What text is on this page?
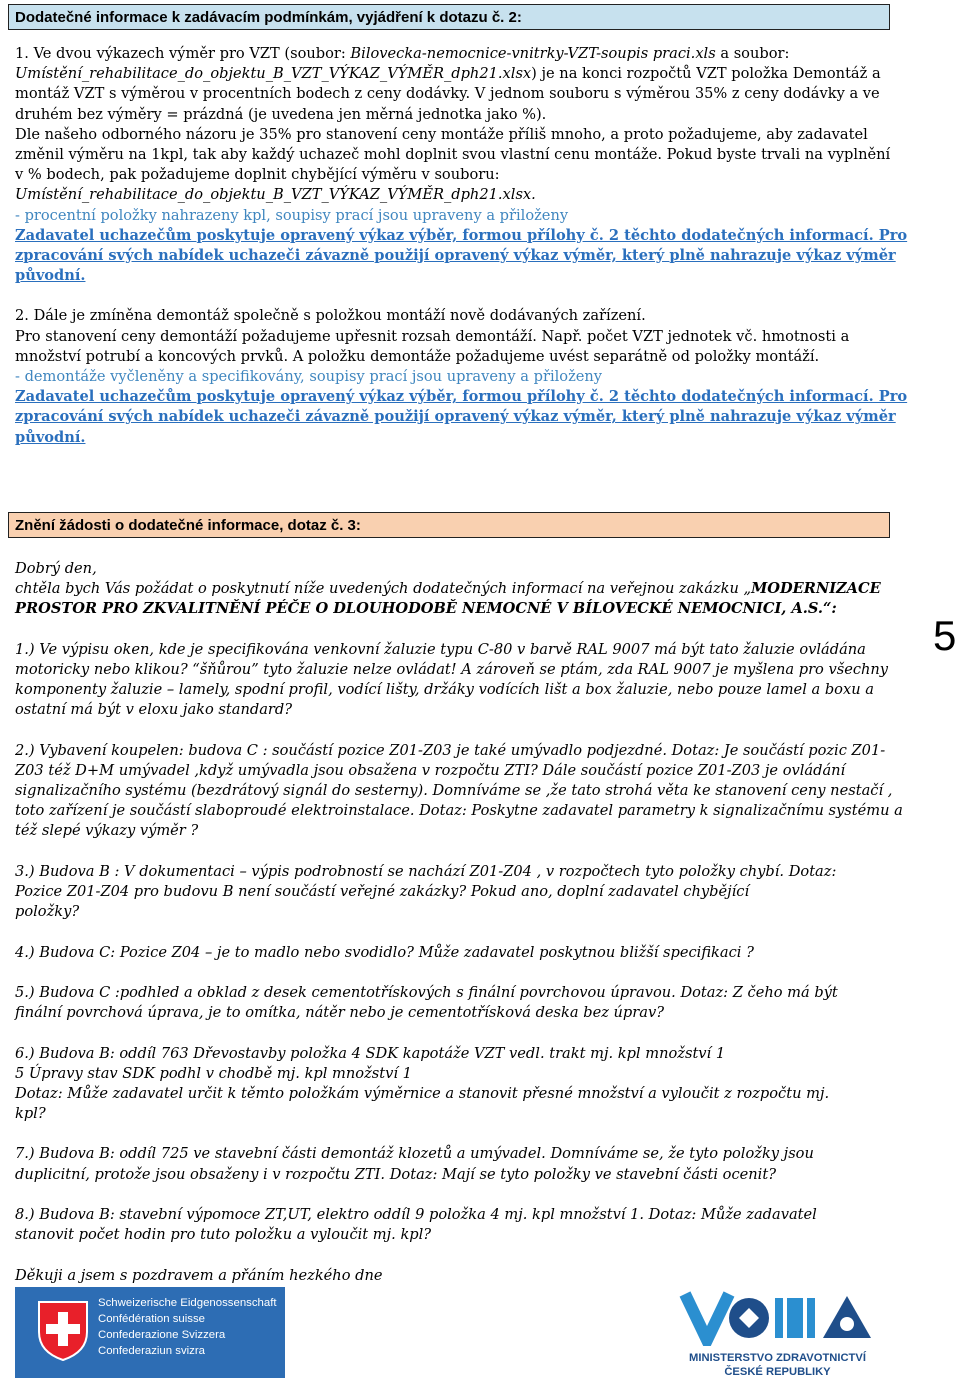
Dodatečné informace k zadávacím podmínkám, vyjádření k dotazu č. 2:
1. Ve dvou výkazech výměr pro VZT (soubor: Bilovecka-nemocnice-vnitrky-VZT-soupis praci.xls a soubor:
Umístění_rehabilitace_do_objektu_B_VZT_VÝKAZ_VÝMĚR_dph21.xlsx) je na konci rozpočtů VZT položka Demontáž a
montáž VZT s výměrou v procentních bodech z ceny dodávky. V jednom souboru s výměrou 35% z ceny dodávky a ve
druhém bez výměry = prázdná (je uvedena jen měrná jednotka jako %).
Dle našeho odborného názoru je 35% pro stanovení ceny montáže příliš mnoho, a proto požadujeme, aby zadavatel
změnil výměru na 1kpl, tak aby každý uchazeč mohl doplnit svou vlastní cenu montáže. Pokud byste trvali na vyplnění
v % bodech, pak požadujeme doplnit chybějící výměru v souboru:
Umístění_rehabilitace_do_objektu_B_VZT_VÝKAZ_VÝMĚR_dph21.xlsx.
- procentní položky nahrazeny kpl, soupisy prací jsou upraveny a přiloženy
Zadavatel uchazečům poskytuje opravený výkaz výběr, formou přílohy č. 2 těchto dodatečných informací. Pro
zpracování svých nabídek uchazeči závazně použijí opravený výkaz výměr, který plně nahrazuje výkaz výměr
původní.
2. Dále je zmíněna demontáž společně s položkou montáží nově dodávaných zařízení.
Pro stanovení ceny demontáží požadujeme upřesnit rozsah demontáží. Např. počet VZT jednotek vč. hmotnosti a
množství potrubí a koncových prvků. A položku demontáže požadujeme uvést separátně od položky montáží.
- demontáže vyčleněny a specifikovány, soupisy prací jsou upraveny a přiloženy
Zadavatel uchazečům poskytuje opravený výkaz výběr, formou přílohy č. 2 těchto dodatečných informací. Pro
zpracování svých nabídek uchazeči závazně použijí opravený výkaz výměr, který plně nahrazuje výkaz výměr
původní.
Znění žádosti o dodatečné informace, dotaz č. 3:
Dobrý den,
chtěla bych Vás požádat o poskytnutí níže uvedených dodatečných informací na veřejnou zakázku „MODERNIZACE
PROSTOR PRO ZKVALITNĚNÍ PÉČE O DLOUHODOBĚ NEMOCNÉ V BÍLOVECKÉ NEMOCNICI, A.S.“:
1.) Ve výpisu oken, kde je specifikována venkovní žaluzie typu C-80 v barvě RAL 9007 má být tato žaluzie ovládána
motoricky nebo klikou? “šňůrou” tyto žaluzie nelze ovládat! A zároveň se ptám, zda RAL 9007 je myšlena pro všechny
komponenty žaluzie – lamely, spodní profil, vodící lišty, držáky vodících lišt a box žaluzie, nebo pouze lamel a boxu a
ostatní má být v eloxu jako standard?
2.) Vybavení koupelen: budova C : součástí pozice Z01-Z03 je také umývadlo podjezdné. Dotaz: Je součástí pozic Z01-
Z03 též D+M umývadel ,když umývadla jsou obsažena v rozpočtu ZTI? Dále součástí pozice Z01-Z03 je ovládání
signalizačního systému (bezdrátový signál do sesterny). Domníváme se ,že tato strohá věta ke stanovení ceny nestačí ,
toto zařízení je součástí slaboproudé elektroinstalace. Dotaz: Poskytne zadavatel parametry k signalizačnímu systému a
též slepé výkazy výměr ?
3.) Budova B : V dokumentaci – výpis podrobností se nachází Z01-Z04 , v rozpočtech tyto položky chybí. Dotaz:
Pozice Z01-Z04 pro budovu B není součástí veřejné zakázky? Pokud ano, doplní zadavatel chybějící
položky?
4.) Budova C: Pozice Z04 – je to madlo nebo svodidlo? Může zadavatel poskytnou bližší specifikaci ?
5.) Budova C :podhled a obklad z desek cementotřískových s finální povrchovou úpravou. Dotaz: Z čeho má být
finální povrchová úprava, je to omítka, nátěr nebo je cementotřísková deska bez úprav?
6.) Budova B: oddíl 763 Dřevostavby položka 4 SDK kapotáže VZT vedl. trakt mj. kpl množství 1
5 Úpravy stav SDK podhl v chodbě mj. kpl množství 1
Dotaz: Může zadavatel určit k těmto položkám výměrnice a stanovit přesné množství a vyloučit z rozpočtu mj.
kpl?
7.) Budova B: oddíl 725 ve stavební části demontáž klozetů a umývadel. Domníváme se, že tyto položky jsou
duplicitní, protože jsou obsaženy i v rozpočtu ZTI. Dotaz: Mají se tyto položky ve stavební části ocenit?
8.) Budova B: stavební výpomoce ZT,UT, elektro oddíl 9 položka 4 mj. kpl množství 1. Dotaz: Může zadavatel
stanovit počet hodin pro tuto položku a vyloučit mj. kpl?
Děkuji a jsem s pozdravem a přáním hezkého dne
5
Schweizerische Eidgenossenschaft
Confédération suisse
Confederazione Svizzera
Confederaziun svizra
MINISTERSTVO ZDRAVOTNICTVÍ
ČESKÉ REPUBLIKY
